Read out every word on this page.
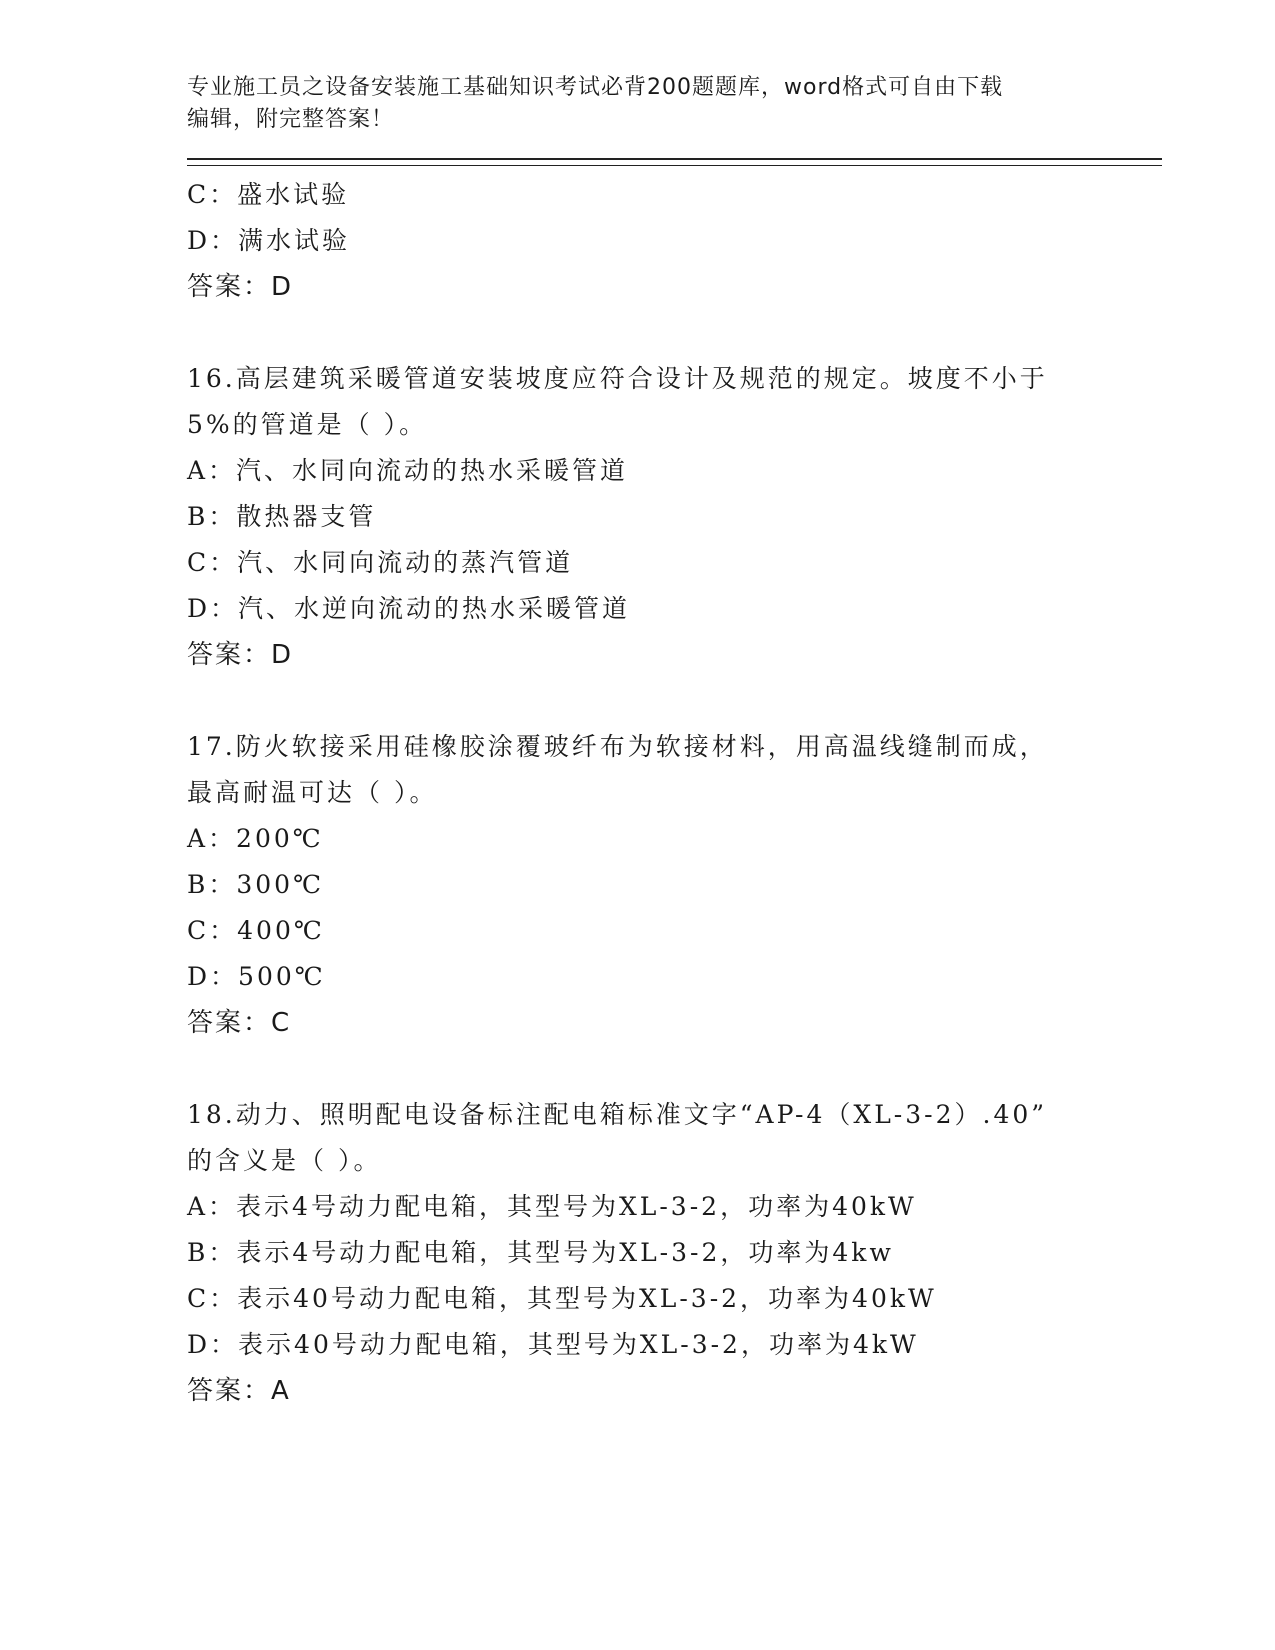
专业施工员之设备安装施工基础知识考试必背200题题库，word格式可自由下载
编辑，附完整答案！
C：盛水试验
D：满水试验
答案：D
16.高层建筑采暖管道安装坡度应符合设计及规范的规定。坡度不小于
5%的管道是（ ）。
A：汽、水同向流动的热水采暖管道
B：散热器支管
C：汽、水同向流动的蒸汽管道
D：汽、水逆向流动的热水采暖管道
答案：D
17.防火软接采用硅橡胶涂覆玻纤布为软接材料，用高温线缝制而成，
最高耐温可达（ ）。
A：200℃
B：300℃
C：400℃
D：500℃
答案：C
18.动力、照明配电设备标注配电箱标准文字“AP-4（XL-3-2）.40”
的含义是（ ）。
A：表示4号动力配电箱，其型号为XL-3-2，功率为40kW
B：表示4号动力配电箱，其型号为XL-3-2，功率为4kw
C：表示40号动力配电箱，其型号为XL-3-2，功率为40kW
D：表示40号动力配电箱，其型号为XL-3-2，功率为4kW
答案：A
